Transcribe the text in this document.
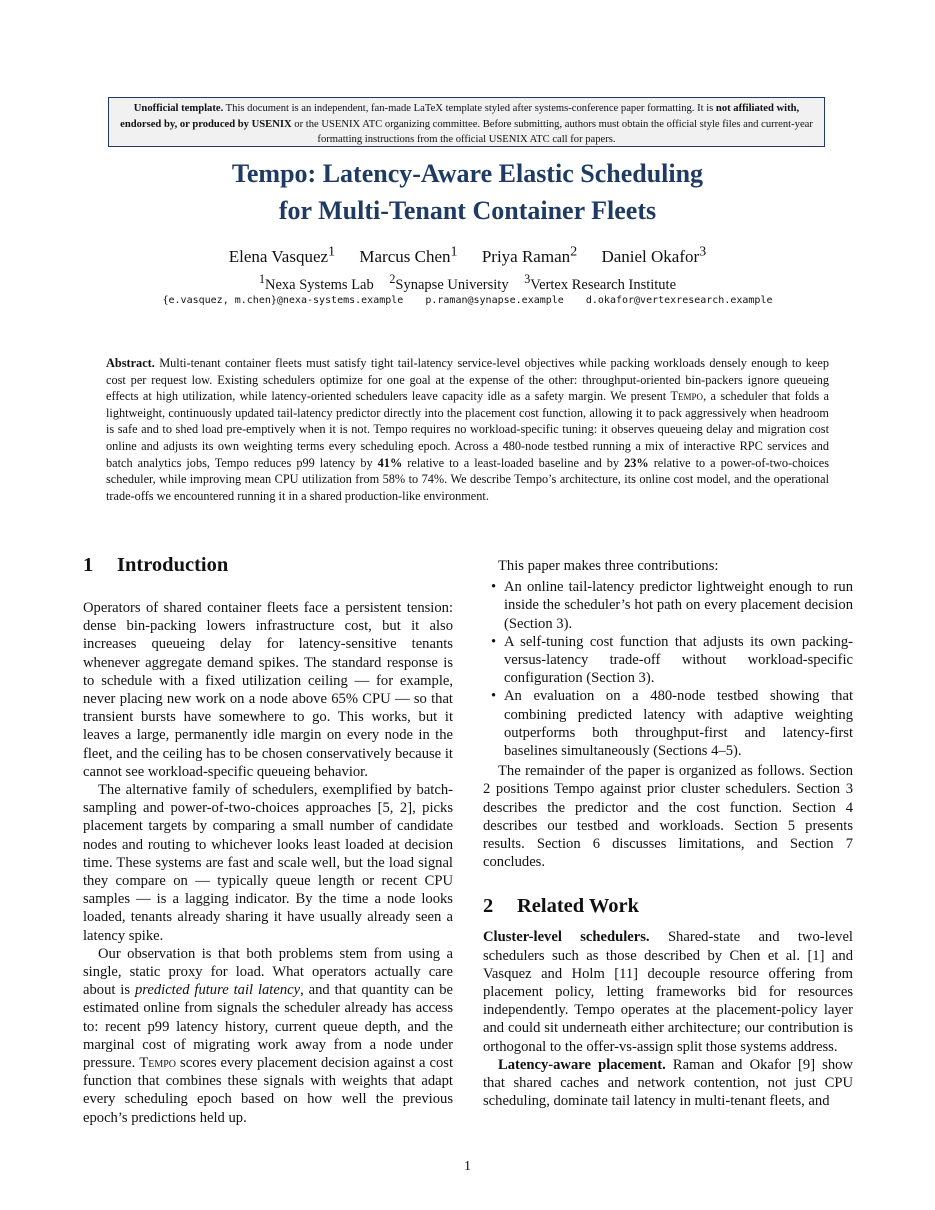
Unofficial template. This document is an independent, fan-made LaTeX template styled after systems-conference paper formatting. It is not affiliated with, endorsed by, or produced by USENIX or the USENIX ATC organizing committee. Before submitting, authors must obtain the official style files and current-year formatting instructions from the official USENIX ATC call for papers.
Tempo: Latency-Aware Elastic Scheduling
for Multi-Tenant Container Fleets
Elena Vasquez$^1$ Marcus Chen$^1$ Priya Raman$^2$ Daniel Okafor$^3$
$^1$Nexa Systems Lab $^2$Synapse University $^3$Vertex Research Institute
{e.vasquez, m.chen}@nexa-systems.example p.raman@synapse.example d.okafor@vertexresearch.example
Abstract. Multi-tenant container fleets must satisfy tight tail-latency service-level objectives while packing workloads densely enough to keep cost per request low. Existing schedulers optimize for one goal at the expense of the other: throughput-oriented bin-packers ignore queueing effects at high utilization, while latency-oriented schedulers leave capacity idle as a safety margin. We present Tempo, a scheduler that folds a lightweight, continuously updated tail-latency predictor directly into the placement cost function, allowing it to pack aggressively when headroom is safe and to shed load pre-emptively when it is not. Tempo requires no workload-specific tuning: it observes queueing delay and migration cost online and adjusts its own weighting terms every scheduling epoch. Across a 480-node testbed running a mix of interactive RPC services and batch analytics jobs, Tempo reduces p99 latency by 41% relative to a least-loaded baseline and by 23% relative to a power-of-two-choices scheduler, while improving mean CPU utilization from 58% to 74%. We describe Tempo’s architecture, its online cost model, and the operational trade-offs we encountered running it in a shared production-like environment.
1 Introduction

Operators of shared container fleets face a persistent tension: dense bin-packing lowers infrastructure cost, but it also increases queueing delay for latency-sensitive tenants whenever aggregate demand spikes. The standard response is to schedule with a fixed utilization ceiling — for example, never placing new work on a node above 65% CPU — so that transient bursts have somewhere to go. This works, but it leaves a large, permanently idle margin on every node in the fleet, and the ceiling has to be chosen conservatively because it cannot see workload-specific queueing behavior.

The alternative family of schedulers, exemplified by batch-sampling and power-of-two-choices approaches [5, 2], picks placement targets by comparing a small number of candidate nodes and routing to whichever looks least loaded at decision time. These systems are fast and scale well, but the load signal they compare on — typically queue length or recent CPU samples — is a lagging indicator. By the time a node looks loaded, tenants already sharing it have usually already seen a latency spike.

Our observation is that both problems stem from using a single, static proxy for load. What operators actually care about is predicted future tail latency, and that quantity can be estimated online from signals the scheduler already has access to: recent p99 latency history, current queue depth, and the marginal cost of migrating work away from a node under pressure. Tempo scores every placement decision against a cost function that combines these signals with weights that adapt every scheduling epoch based on how well the previous epoch’s predictions held up.

This paper makes three contributions:

• An online tail-latency predictor lightweight enough to run inside the scheduler’s hot path on every placement decision (Section 3).
• A self-tuning cost function that adjusts its own packing-versus-latency trade-off without workload-specific configuration (Section 3).
• An evaluation on a 480-node testbed showing that combining predicted latency with adaptive weighting outperforms both throughput-first and latency-first baselines simultaneously (Sections 4–5).

The remainder of the paper is organized as follows. Section 2 positions Tempo against prior cluster schedulers. Section 3 describes the predictor and the cost function. Section 4 describes our testbed and workloads. Section 5 presents results. Section 6 discusses limitations, and Section 7 concludes.

2 Related Work

Cluster-level schedulers. Shared-state and two-level schedulers such as those described by Chen et al. [1] and Vasquez and Holm [11] decouple resource offering from placement policy, letting frameworks bid for resources independently. Tempo operates at the placement-policy layer and could sit underneath either architecture; our contribution is orthogonal to the offer-vs-assign split those systems address.

Latency-aware placement. Raman and Okafor [9] show that shared caches and network contention, not just CPU scheduling, dominate tail latency in multi-tenant fleets, and

1
